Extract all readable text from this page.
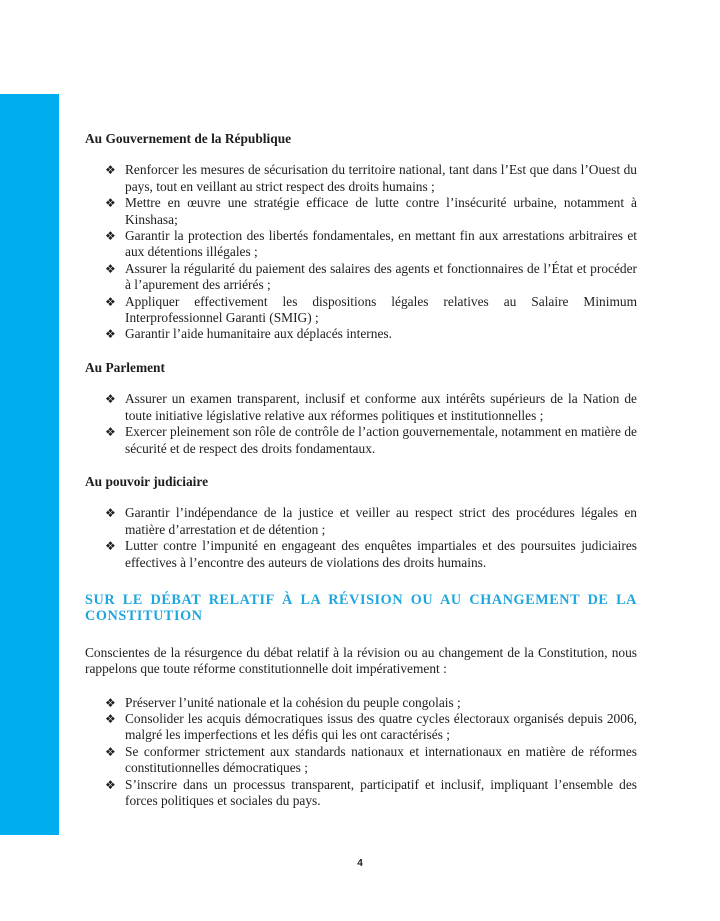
Au Gouvernement de la République

❖ Renforcer les mesures de sécurisation du territoire national, tant dans l’Est que dans l’Ouest du pays, tout en veillant au strict respect des droits humains ;
❖ Mettre en œuvre une stratégie efficace de lutte contre l’insécurité urbaine, notamment à Kinshasa;
❖ Garantir la protection des libertés fondamentales, en mettant fin aux arrestations arbitraires et aux détentions illégales ;
❖ Assurer la régularité du paiement des salaires des agents et fonctionnaires de l’État et procéder à l’apurement des arriérés ;
❖ Appliquer effectivement les dispositions légales relatives au Salaire Minimum Interprofessionnel Garanti (SMIG) ;
❖ Garantir l’aide humanitaire aux déplacés internes.

Au Parlement

❖ Assurer un examen transparent, inclusif et conforme aux intérêts supérieurs de la Nation de toute initiative législative relative aux réformes politiques et institutionnelles ;
❖ Exercer pleinement son rôle de contrôle de l’action gouvernementale, notamment en matière de sécurité et de respect des droits fondamentaux.

Au pouvoir judiciaire

❖ Garantir l’indépendance de la justice et veiller au respect strict des procédures légales en matière d’arrestation et de détention ;
❖ Lutter contre l’impunité en engageant des enquêtes impartiales et des poursuites judiciaires effectives à l’encontre des auteurs de violations des droits humains.

SUR LE DÉBAT RELATIF À LA RÉVISION OU AU CHANGEMENT DE LA CONSTITUTION

Conscientes de la résurgence du débat relatif à la révision ou au changement de la Constitution, nous rappelons que toute réforme constitutionnelle doit impérativement :

❖ Préserver l’unité nationale et la cohésion du peuple congolais ;
❖ Consolider les acquis démocratiques issus des quatre cycles électoraux organisés depuis 2006, malgré les imperfections et les défis qui les ont caractérisés ;
❖ Se conformer strictement aux standards nationaux et internationaux en matière de réformes constitutionnelles démocratiques ;
❖ S’inscrire dans un processus transparent, participatif et inclusif, impliquant l’ensemble des forces politiques et sociales du pays.
4
